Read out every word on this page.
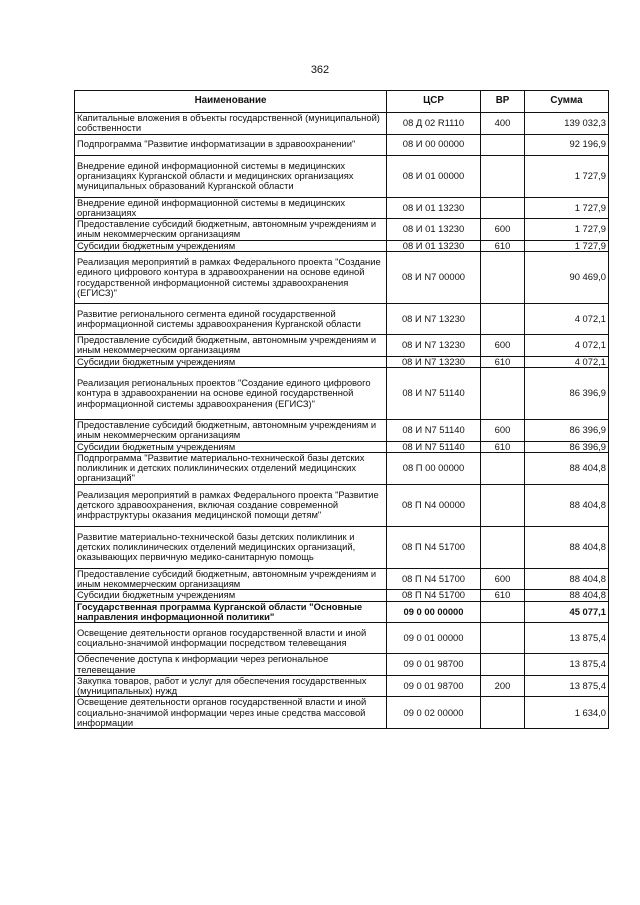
362
Наименование	ЦСР	ВР	Сумма
Капитальные вложения в объекты государственной (муниципальной) собственности	08 Д 02 R1110	400	139 032,3
Подпрограмма "Развитие информатизации в здравоохранении"	08 И 00 00000		92 196,9
Внедрение единой информационной системы в медицинских организациях Курганской области и медицинских организациях муниципальных образований Курганской области	08 И 01 00000		1 727,9
Внедрение единой информационной системы в медицинских организациях	08 И 01 13230		1 727,9
Предоставление субсидий бюджетным, автономным учреждениям и иным некоммерческим организациям	08 И 01 13230	600	1 727,9
Субсидии бюджетным учреждениям	08 И 01 13230	610	1 727,9
Реализация мероприятий в рамках Федерального проекта "Создание единого цифрового контура в здравоохранении на основе единой государственной информационной системы здравоохранения (ЕГИСЗ)"	08 И N7 00000		90 469,0
Развитие регионального сегмента единой государственной информационной системы здравоохранения Курганской области	08 И N7 13230		4 072,1
Предоставление субсидий бюджетным, автономным учреждениям и иным некоммерческим организациям	08 И N7 13230	600	4 072,1
Субсидии бюджетным учреждениям	08 И N7 13230	610	4 072,1
Реализация региональных проектов "Создание единого цифрового контура в здравоохранении на основе единой государственной информационной системы здравоохранения (ЕГИСЗ)"	08 И N7 51140		86 396,9
Предоставление субсидий бюджетным, автономным учреждениям и иным некоммерческим организациям	08 И N7 51140	600	86 396,9
Субсидии бюджетным учреждениям	08 И N7 51140	610	86 396,9
Подпрограмма "Развитие материально-технической базы детских поликлиник и детских поликлинических отделений медицинских организаций"	08 П 00 00000		88 404,8
Реализация мероприятий в рамках Федерального проекта "Развитие детского здравоохранения, включая создание современной инфраструктуры оказания медицинской помощи детям"	08 П N4 00000		88 404,8
Развитие материально-технической базы детских поликлиник и детских поликлинических отделений медицинских организаций, оказывающих первичную медико-санитарную помощь	08 П N4 51700		88 404,8
Предоставление субсидий бюджетным, автономным учреждениям и иным некоммерческим организациям	08 П N4 51700	600	88 404,8
Субсидии бюджетным учреждениям	08 П N4 51700	610	88 404,8
Государственная программа Курганской области "Основные направления информационной политики"	09 0 00 00000		45 077,1
Освещение деятельности органов государственной власти и иной социально-значимой информации посредством телевещания	09 0 01 00000		13 875,4
Обеспечение доступа к информации через региональное телевещание	09 0 01 98700		13 875,4
Закупка товаров, работ и услуг для обеспечения государственных (муниципальных) нужд	09 0 01 98700	200	13 875,4
Освещение деятельности органов государственной власти и иной социально-значимой информации через иные средства массовой информации	09 0 02 00000		1 634,0
